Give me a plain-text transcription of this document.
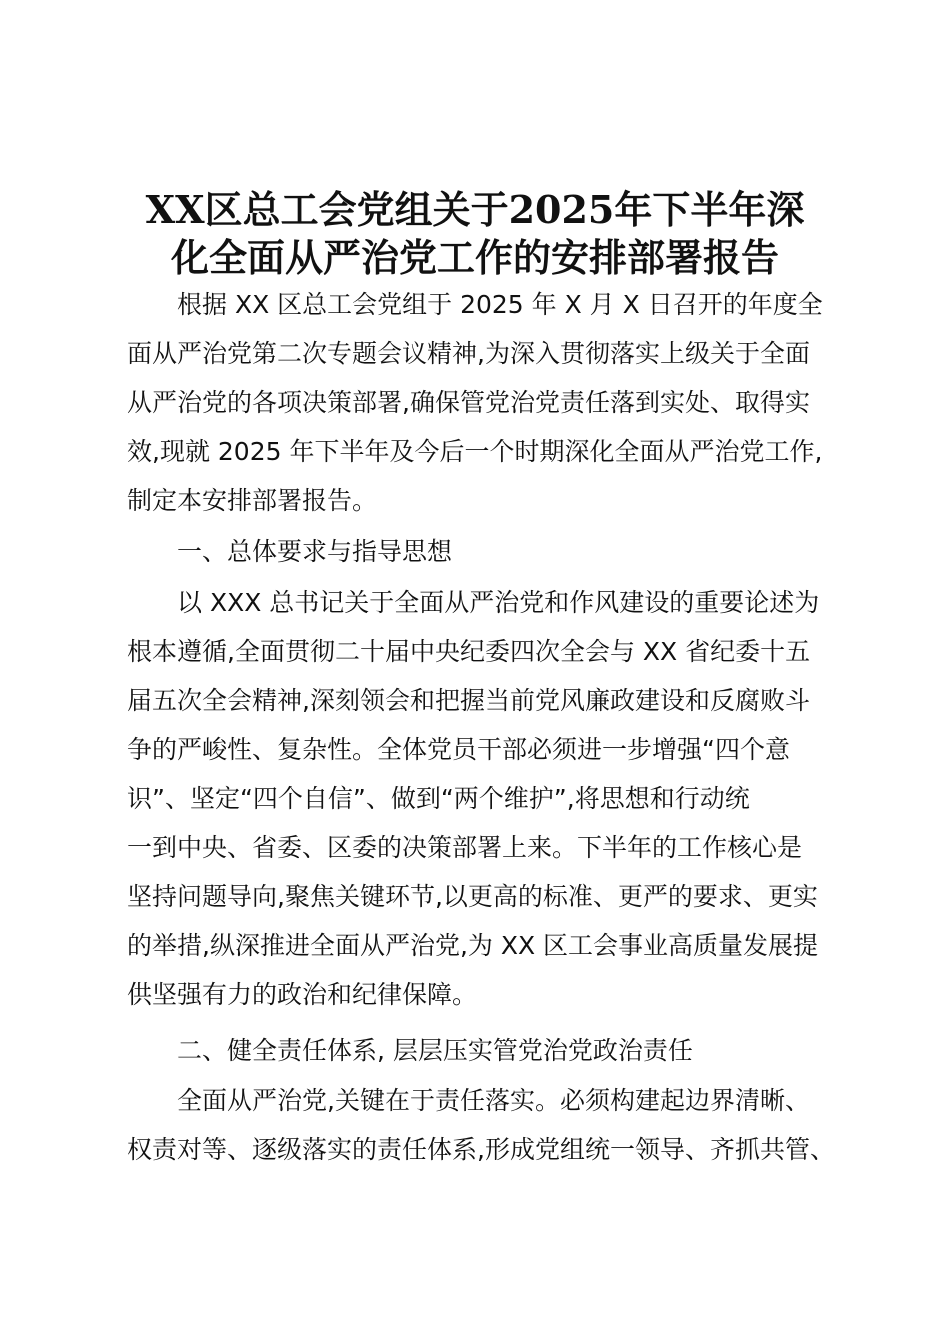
XX区总工会党组关于2025年下半年深
化全面从严治党工作的安排部署报告

根据 XX 区总工会党组于 2025 年 X 月 X 日召开的年度全

面从严治党第二次专题会议精神,为深入贯彻落实上级关于全面

从严治党的各项决策部署,确保管党治党责任落到实处、取得实

效,现就 2025 年下半年及今后一个时期深化全面从严治党工作,

制定本安排部署报告。

一、总体要求与指导思想

以 XXX 总书记关于全面从严治党和作风建设的重要论述为

根本遵循,全面贯彻二十届中央纪委四次全会与 XX 省纪委十五

届五次全会精神,深刻领会和把握当前党风廉政建设和反腐败斗

争的严峻性、复杂性。全体党员干部必须进一步增强“四个意

识”、坚定“四个自信”、做到“两个维护”,将思想和行动统

一到中央、省委、区委的决策部署上来。下半年的工作核心是

坚持问题导向,聚焦关键环节,以更高的标准、更严的要求、更实

的举措,纵深推进全面从严治党,为 XX 区工会事业高质量发展提

供坚强有力的政治和纪律保障。

二、健全责任体系, 层层压实管党治党政治责任

全面从严治党,关键在于责任落实。必须构建起边界清晰、

权责对等、逐级落实的责任体系,形成党组统一领导、齐抓共管、
